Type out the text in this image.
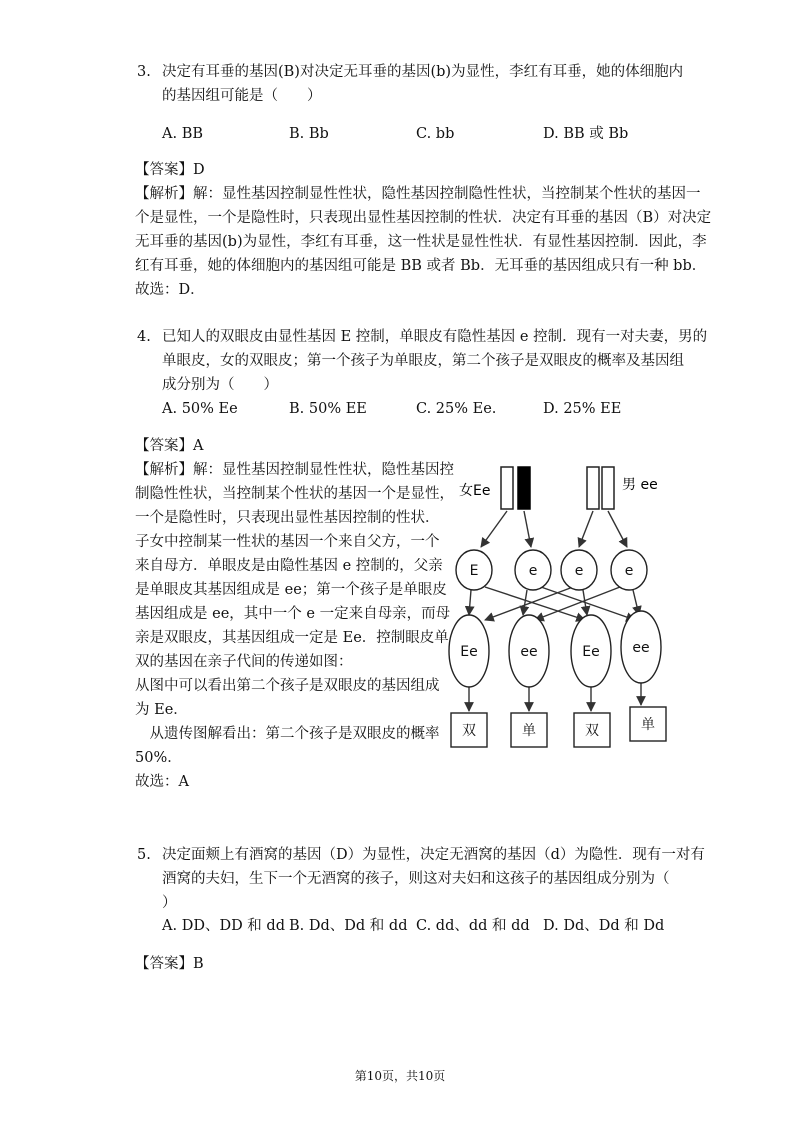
3. 决定有耳垂的基因(B)对决定无耳垂的基因(b)为显性，李红有耳垂，她的体细胞内
的基因组可能是（　　）
A. BB	B. Bb	C. bb	D. BB 或 Bb
【答案】D
【解析】解：显性基因控制显性性状，隐性基因控制隐性性状，当控制某个性状的基因一
个是显性，一个是隐性时，只表现出显性基因控制的性状．决定有耳垂的基因（B）对决定
无耳垂的基因(b)为显性，李红有耳垂，这一性状是显性性状．有显性基因控制．因此，李
红有耳垂，她的体细胞内的基因组可能是 BB 或者 Bb．无耳垂的基因组成只有一种 bb．
故选：D．
4. 已知人的双眼皮由显性基因 E 控制，单眼皮有隐性基因 e 控制．现有一对夫妻，男的
单眼皮，女的双眼皮；第一个孩子为单眼皮，第二个孩子是双眼皮的概率及基因组
成分别为（　　）
A. 50% Ee	B. 50% EE	C. 25% Ee.	D. 25% EE
【答案】A
【解析】解：显性基因控制显性性状，隐性基因控
制隐性性状，当控制某个性状的基因一个是显性，
一个是隐性时，只表现出显性基因控制的性状．
子女中控制某一性状的基因一个来自父方，一个
来自母方．单眼皮是由隐性基因 e 控制的，父亲
是单眼皮其基因组成是 ee；第一个孩子是单眼皮
基因组成是 ee，其中一个 e 一定来自母亲，而母
亲是双眼皮，其基因组成一定是 Ee．控制眼皮单
双的基因在亲子代间的传递如图：
从图中可以看出第二个孩子是双眼皮的基因组成
为 Ee．
　从遗传图解看出：第二个孩子是双眼皮的概率
50%．
故选：A
女Ee	男 ee
E	e	e	e
Ee	ee	Ee ee
双	单	双	单
5. 决定面颊上有酒窝的基因（D）为显性，决定无酒窝的基因（d）为隐性．现有一对有
酒窝的夫妇，生下一个无酒窝的孩子，则这对夫妇和这孩子的基因组成分别为（
）
A. DD、DD 和 dd B. Dd、Dd 和 dd C. dd、dd 和 dd D. Dd、Dd 和 Dd
【答案】B
第10页，共10页
